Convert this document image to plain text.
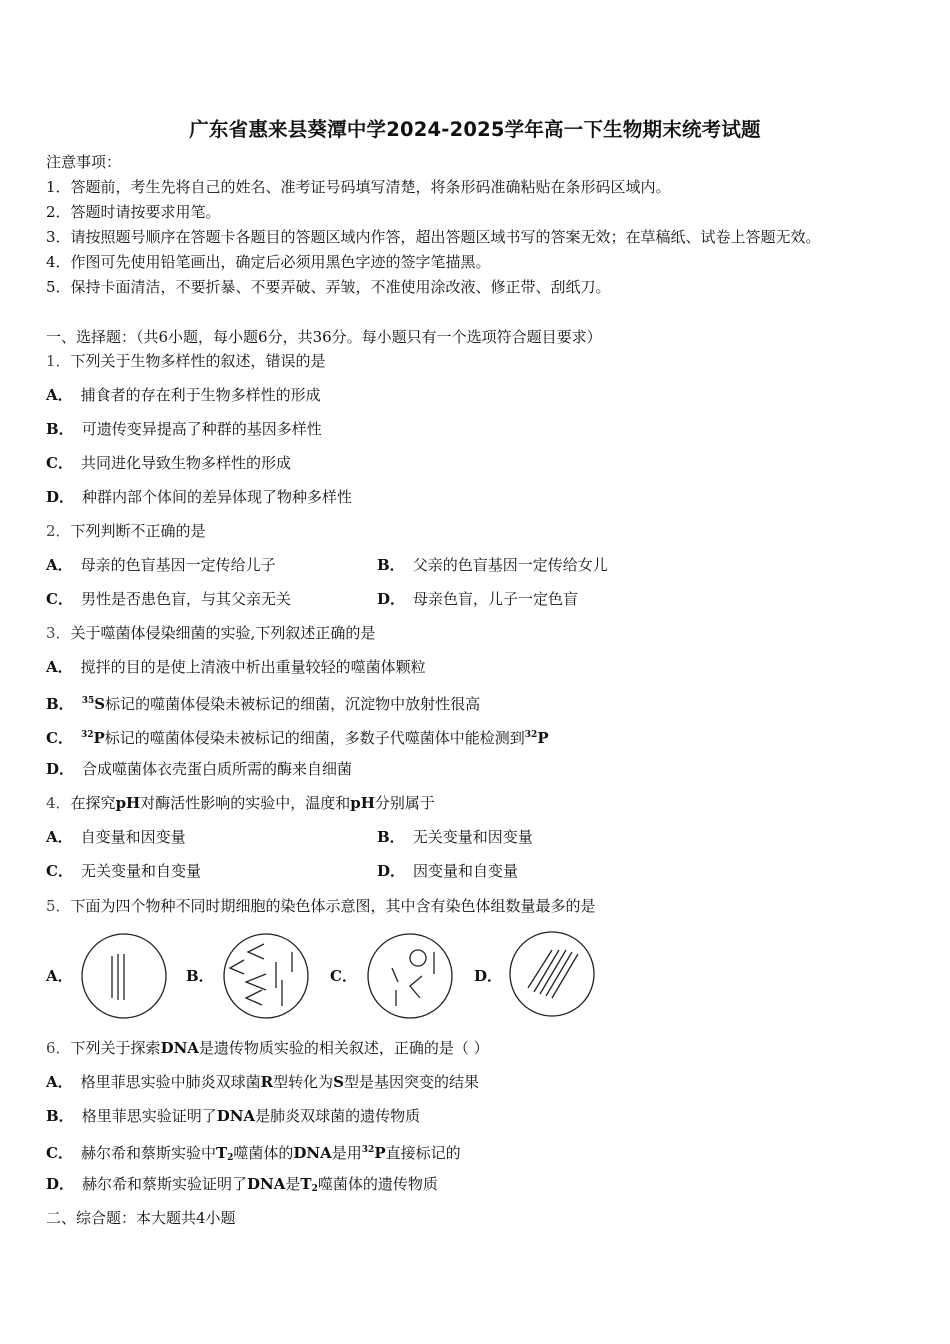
广东省惠来县葵潭中学2024-2025学年高一下生物期末统考试题
注意事项：
1．答题前，考生先将自己的姓名、准考证号码填写清楚，将条形码准确粘贴在条形码区域内。
2．答题时请按要求用笔。
3．请按照题号顺序在答题卡各题目的答题区域内作答，超出答题区域书写的答案无效；在草稿纸、试卷上答题无效。
4．作图可先使用铅笔画出，确定后必须用黑色字迹的签字笔描黑。
5．保持卡面清洁，不要折暴、不要弄破、弄皱，不准使用涂改液、修正带、刮纸刀。
一、选择题：（共6小题，每小题6分，共36分。每小题只有一个选项符合题目要求）
1．下列关于生物多样性的叙述，错误的是
A． 捕食者的存在利于生物多样性的形成
B． 可遗传变异提高了种群的基因多样性
C． 共同进化导致生物多样性的形成
D． 种群内部个体间的差异体现了物种多样性
2．下列判断不正确的是
A． 母亲的色盲基因一定传给儿子	B． 父亲的色盲基因一定传给女儿
C． 男性是否患色盲，与其父亲无关	D． 母亲色盲，儿子一定色盲
3．关于噬菌体侵染细菌的实验,下列叙述正确的是
A． 搅拌的目的是使上清液中析出重量较轻的噬菌体颗粒
B． $^{35}$S标记的噬菌体侵染未被标记的细菌，沉淀物中放射性很高
C． $^{32}$P标记的噬菌体侵染未被标记的细菌，多数子代噬菌体中能检测到$^{32}$P
D． 合成噬菌体衣壳蛋白质所需的酶来自细菌
4．在探究pH对酶活性影响的实验中，温度和pH分别属于
A． 自变量和因变量	B． 无关变量和因变量
C． 无关变量和自变量	D． 因变量和自变量
5．下面为四个物种不同时期细胞的染色体示意图，其中含有染色体组数量最多的是
A．	B．	C．	D．
6．下列关于探索DNA是遗传物质实验的相关叙述，正确的是（ ）
A． 格里菲思实验中肺炎双球菌R型转化为S型是基因突变的结果
B． 格里菲思实验证明了DNA是肺炎双球菌的遗传物质
C． 赫尔希和蔡斯实验中$T_2$噬菌体的DNA是用$^{32}$P直接标记的
D． 赫尔希和蔡斯实验证明了DNA是$T_2$噬菌体的遗传物质
二、综合题：本大题共4小题
